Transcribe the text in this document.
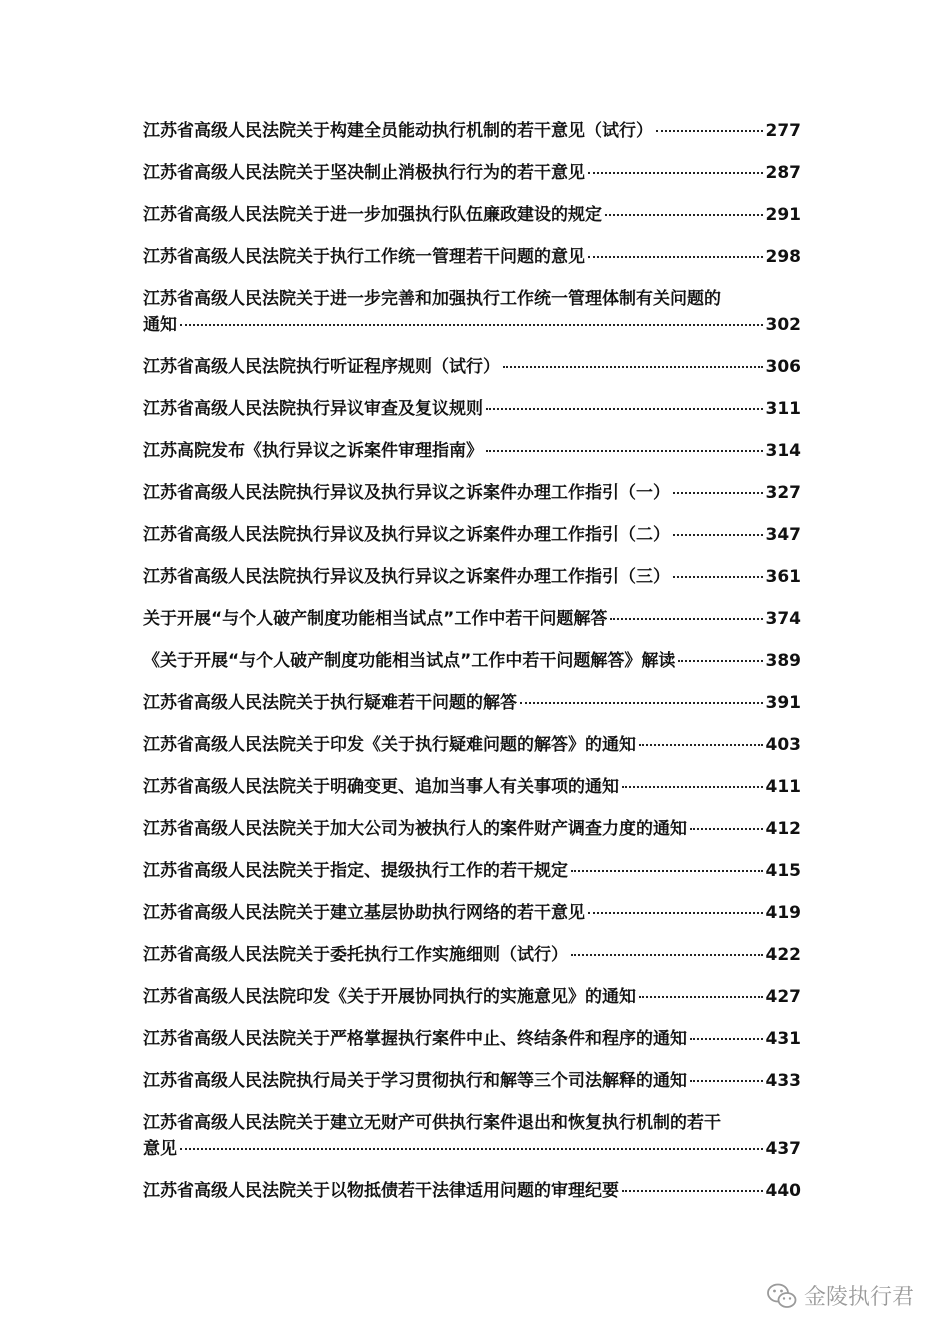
江苏省高级人民法院关于构建全员能动执行机制的若干意见（试行）	277
江苏省高级人民法院关于坚决制止消极执行行为的若干意见	287
江苏省高级人民法院关于进一步加强执行队伍廉政建设的规定	291
江苏省高级人民法院关于执行工作统一管理若干问题的意见	298
江苏省高级人民法院关于进一步完善和加强执行工作统一管理体制有关问题的
通知	302
江苏省高级人民法院执行听证程序规则（试行）	306
江苏省高级人民法院执行异议审查及复议规则	311
江苏高院发布《执行异议之诉案件审理指南》	314
江苏省高级人民法院执行异议及执行异议之诉案件办理工作指引（一）	327
江苏省高级人民法院执行异议及执行异议之诉案件办理工作指引（二）	347
江苏省高级人民法院执行异议及执行异议之诉案件办理工作指引（三）	361
关于开展“与个人破产制度功能相当试点”工作中若干问题解答	374
《关于开展“与个人破产制度功能相当试点”工作中若干问题解答》解读	389
江苏省高级人民法院关于执行疑难若干问题的解答	391
江苏省高级人民法院关于印发《关于执行疑难问题的解答》的通知	403
江苏省高级人民法院关于明确变更、追加当事人有关事项的通知	411
江苏省高级人民法院关于加大公司为被执行人的案件财产调查力度的通知	412
江苏省高级人民法院关于指定、提级执行工作的若干规定	415
江苏省高级人民法院关于建立基层协助执行网络的若干意见	419
江苏省高级人民法院关于委托执行工作实施细则（试行）	422
江苏省高级人民法院印发《关于开展协同执行的实施意见》的通知	427
江苏省高级人民法院关于严格掌握执行案件中止、终结条件和程序的通知	431
江苏省高级人民法院执行局关于学习贯彻执行和解等三个司法解释的通知	433
江苏省高级人民法院关于建立无财产可供执行案件退出和恢复执行机制的若干
意见	437
江苏省高级人民法院关于以物抵债若干法律适用问题的审理纪要	440
金陵执行君
